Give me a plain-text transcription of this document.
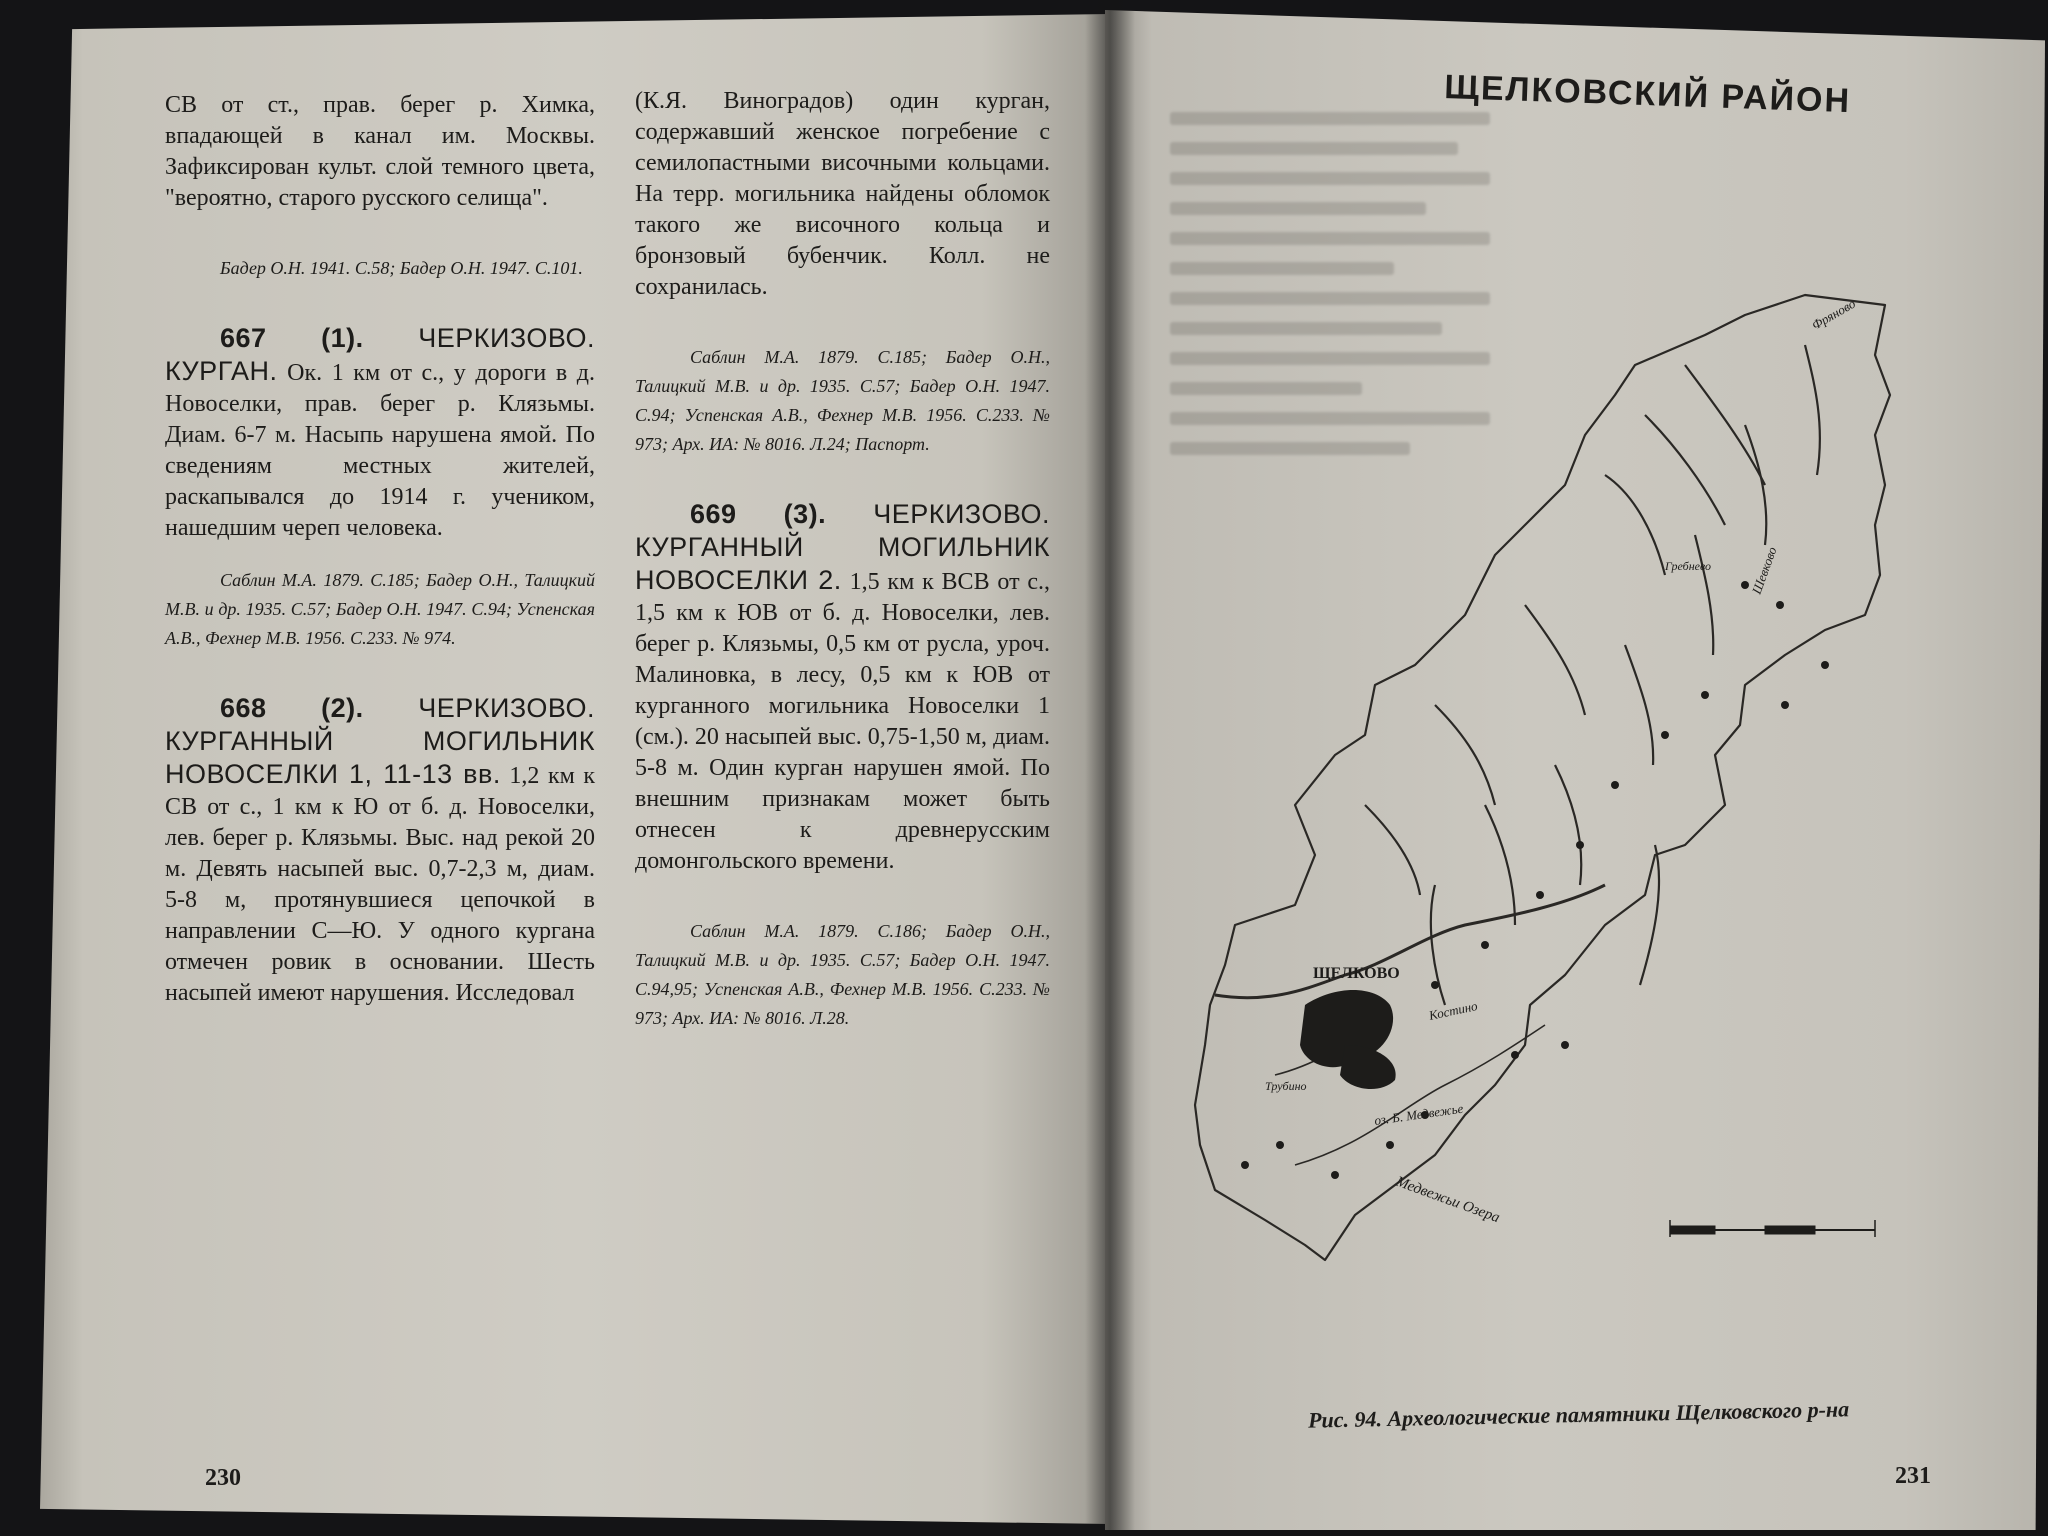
СВ от ст., прав. берег р. Химка, впадающей в канал им. Москвы. Зафиксирован культ. слой темного цвета, "вероятно, старого русского селища".

Бадер О.Н. 1941. С.58; Бадер О.Н. 1947. С.101.

667 (1). ЧЕРКИЗОВО. КУРГАН. Ок. 1 км от с., у дороги в д. Новоселки, прав. берег р. Клязьмы. Диам. 6-7 м. Насыпь нарушена ямой. По сведениям местных жителей, раскапывался до 1914 г. учеником, нашедшим череп человека.

Саблин М.А. 1879. С.185; Бадер О.Н., Талицкий М.В. и др. 1935. С.57; Бадер О.Н. 1947. С.94; Успенская А.В., Фехнер М.В. 1956. С.233. № 974.

668 (2). ЧЕРКИЗОВО. КУРГАННЫЙ МОГИЛЬНИК НОВОСЕЛКИ 1, 11-13 вв. 1,2 км к СВ от с., 1 км к Ю от б. д. Новоселки, лев. берег р. Клязьмы. Выс. над рекой 20 м. Девять насыпей выс. 0,7-2,3 м, диам. 5-8 м, протянувшиеся цепочкой в направлении С—Ю. У одного кургана отмечен ровик в основании. Шесть насыпей имеют нарушения. Исследовал

(К.Я. Виноградов) один курган, содержавший женское погребение с семилопастными височными кольцами. На терр. могильника найдены обломок такого же височного кольца и бронзовый бубенчик. Колл. не сохранилась.

Саблин М.А. 1879. С.185; Бадер О.Н., Талицкий М.В. и др. 1935. С.57; Бадер О.Н. 1947. С.94; Успенская А.В., Фехнер М.В. 1956. С.233. № 973; Арх. ИА: № 8016. Л.24; Паспорт.

669 (3). ЧЕРКИЗОВО. КУРГАННЫЙ МОГИЛЬНИК НОВОСЕЛКИ 2. 1,5 км к ВСВ от с., 1,5 км к ЮВ от б. д. Новоселки, лев. берег р. Клязьмы, 0,5 км от русла, уроч. Малиновка, в лесу, 0,5 км к ЮВ от курганного могильника Новоселки 1 (см.). 20 насыпей выс. 0,75-1,50 м, диам. 5-8 м. Один курган нарушен ямой. По внешним признакам может быть отнесен к древнерусским домонгольского времени.

Саблин М.А. 1879. С.186; Бадер О.Н., Талицкий М.В. и др. 1935. С.57; Бадер О.Н. 1947. С.94,95; Успенская А.В., Фехнер М.В. 1956. С.233. № 973; Арх. ИА: № 8016. Л.28.

230
ЩЕЛКОВСКИЙ РАЙОН
ЩЕЛКОВО
Фряново
Шевково
Гребнево
Костино
оз. Б. Медвежье
Медвежьи Озера
Трубино
Рис. 94. Археологические памятники Щелковского р-на
231
